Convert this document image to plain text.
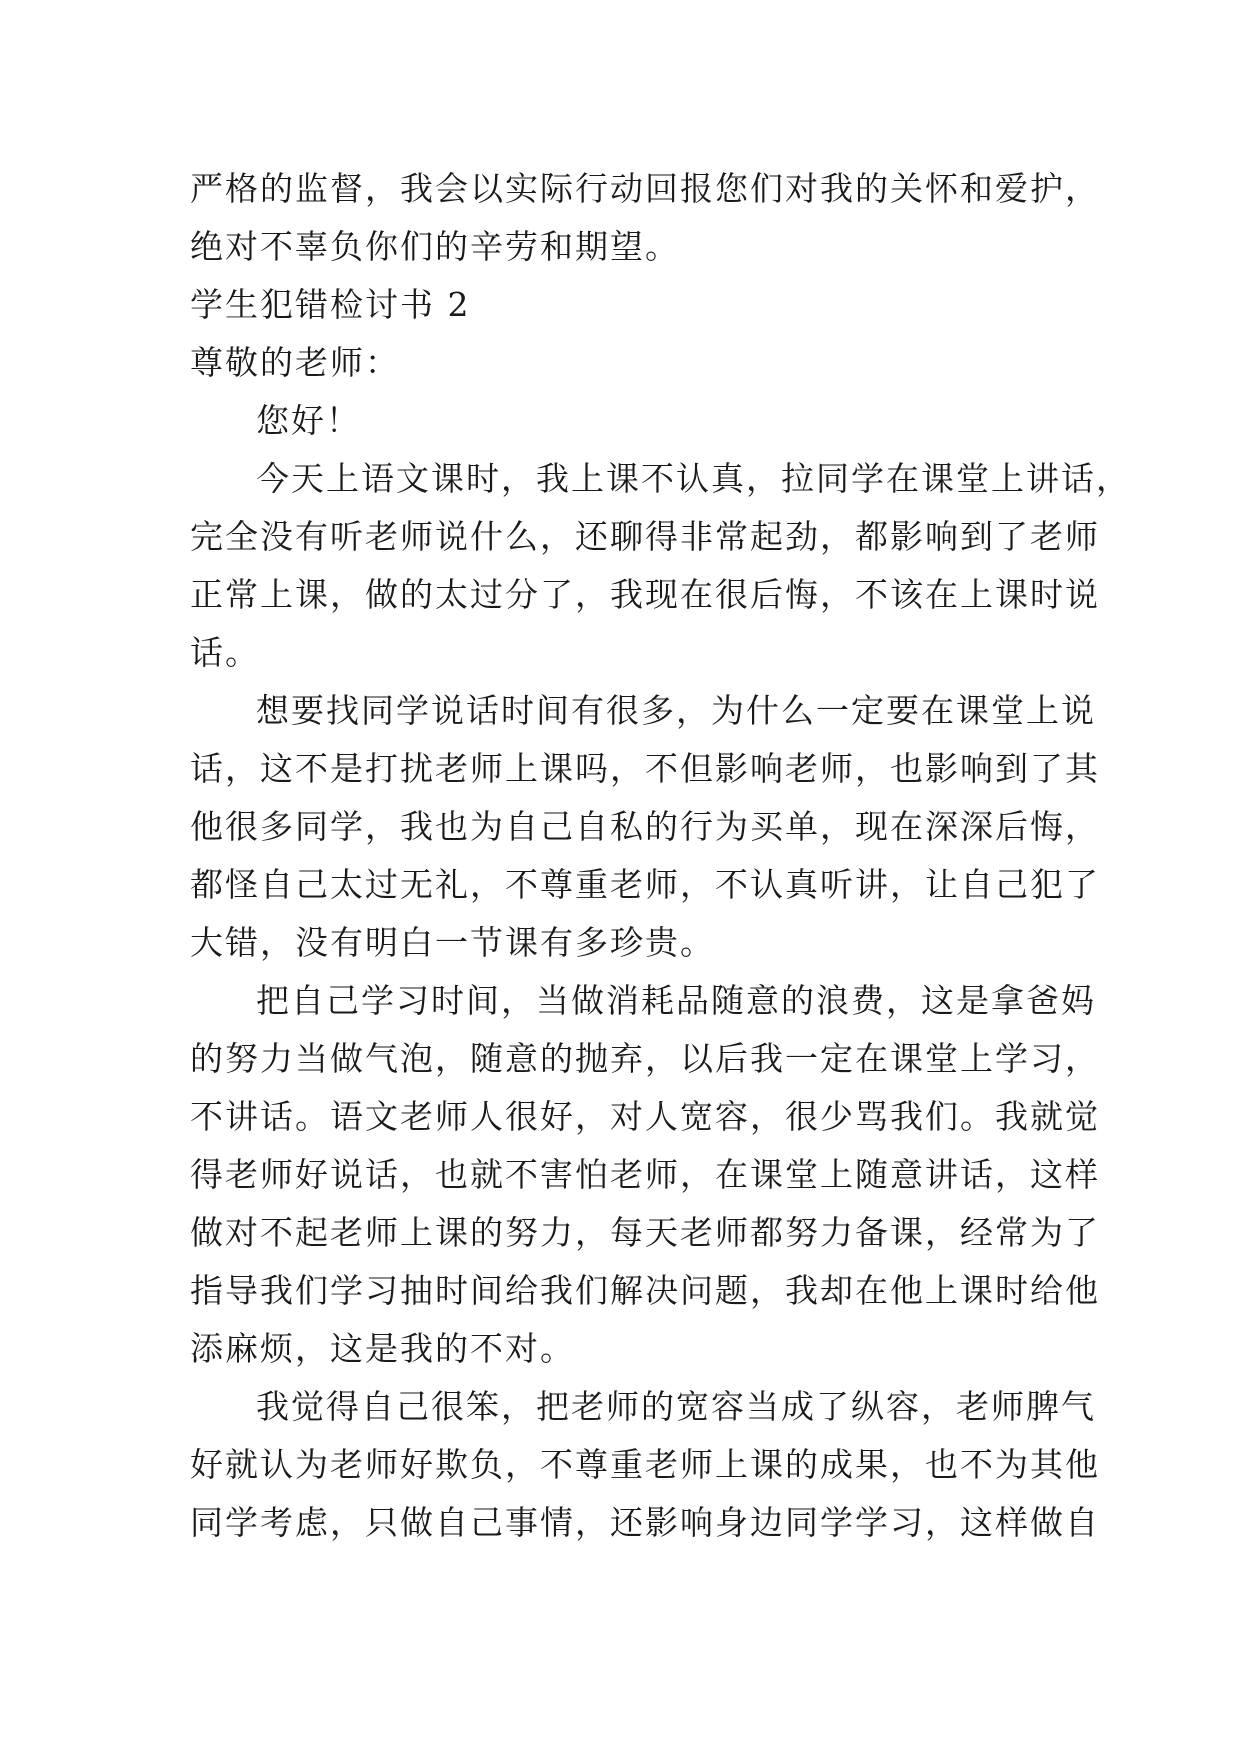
严格的监督，我会以实际行动回报您们对我的关怀和爱护，
绝对不辜负你们的辛劳和期望。
学生犯错检讨书 2
尊敬的老师：
您好！
今天上语文课时，我上课不认真，拉同学在课堂上讲话，
完全没有听老师说什么，还聊得非常起劲，都影响到了老师
正常上课，做的太过分了，我现在很后悔，不该在上课时说
话。
想要找同学说话时间有很多，为什么一定要在课堂上说
话，这不是打扰老师上课吗，不但影响老师，也影响到了其
他很多同学，我也为自己自私的行为买单，现在深深后悔，
都怪自己太过无礼，不尊重老师，不认真听讲，让自己犯了
大错，没有明白一节课有多珍贵。
把自己学习时间，当做消耗品随意的浪费，这是拿爸妈
的努力当做气泡，随意的抛弃，以后我一定在课堂上学习，
不讲话。语文老师人很好，对人宽容，很少骂我们。我就觉
得老师好说话，也就不害怕老师，在课堂上随意讲话，这样
做对不起老师上课的努力，每天老师都努力备课，经常为了
指导我们学习抽时间给我们解决问题，我却在他上课时给他
添麻烦，这是我的不对。
我觉得自己很笨，把老师的宽容当成了纵容，老师脾气
好就认为老师好欺负，不尊重老师上课的成果，也不为其他
同学考虑，只做自己事情，还影响身边同学学习，这样做自
